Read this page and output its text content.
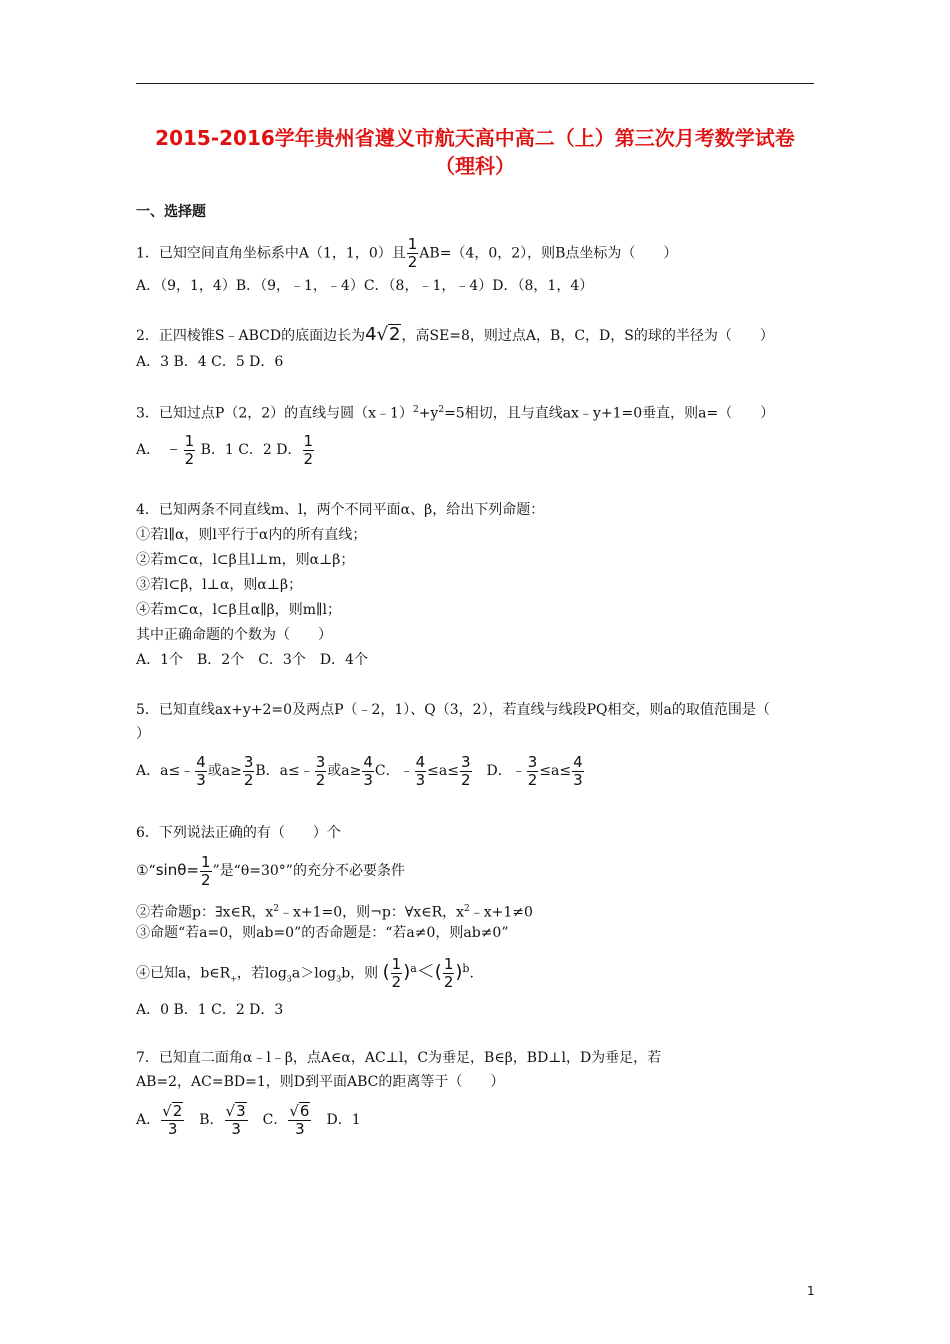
2015-2016学年贵州省遵义市航天高中高二（上）第三次月考数学试卷
（理科）
一、选择题
1．已知空间直角坐标系中A（1，1，0）且 $\frac{1}{2} AB=(4$，0，2），则B点坐标为（　　）
A．（9，1，4）B．（9，﹣1，﹣4）C．（8，﹣1，﹣4）D．（8，1，4）
2．正四棱锥S﹣ABCD的底面边长为4 √ 2 ，高SE=8，则过点A，B，C，D，S的球的半径为（　　）
A．3 B．4 C．5 D．6
3．已知过点P（2，2）的直线与圆$(x﹣1)^2+y^2=5$相切，且与直线ax﹣y+1=0垂直，则a=（　　）
A． ﹣ $\frac{1}{2}$ B．1 C．2 D． $\frac{1}{2}$
4．已知两条不同直线m、l，两个不同平面α、β，给出下列命题：
①若l∥α，则l平行于α内的所有直线；
②若m⊂α，l⊂β且l⊥m，则α⊥β；
③若l⊂β，l⊥α，则α⊥β；
④若m⊂α，l⊂β且α∥β，则m∥l；
其中正确命题的个数为（　　）
A．1个　B．2个　C．3个　D．4个
5．已知直线ax+y+2=0及两点P（﹣2，1）、Q（3，2），若直线与线段PQ相交，则a的取值范围是（
）
A．a≤﹣ $\frac{4}{3}$ 或$a\ge \frac{3}{2}$ B．a≤﹣ $\frac{3}{2}$ 或$a\ge \frac{4}{3}$ C．﹣ $\frac{4}{3} \le a\le \frac{3}{2}$
　 D．﹣ $\frac{3}{2} \le a\le \frac{4}{3}$
6．下列说法正确的有（　　）个
①“sinθ= $\frac{1}{2}$ ”是“θ=30°”的充分不必要条件
②若命题p：∃x∈R，$x^2﹣x+1=0$，则¬p：∀x∈R，$x^2﹣x+1\ne 0$
③命题“若a=0，则ab=0”的否命题是：“若a≠0，则ab≠0”
④已知a，$b\in R_+$，若$\log_3a>\log_3b$，则 ( $\frac{1}{2} )^a<( \frac{1}{2} )^b$.
A．0 B．1 C．2 D．3
7．已知直二面角α﹣l﹣β，点A∈α，AC⊥l，C为垂足，B∈β，BD⊥l，D为垂足，若
AB=2，AC=BD=1，则D到平面ABC的距离等于（　　）
A． $\frac{√ 2}{3}$
　 B． $\frac{√ 3}{3}$
　 C． $\frac{√ 6}{3}$
　 D．1
1
